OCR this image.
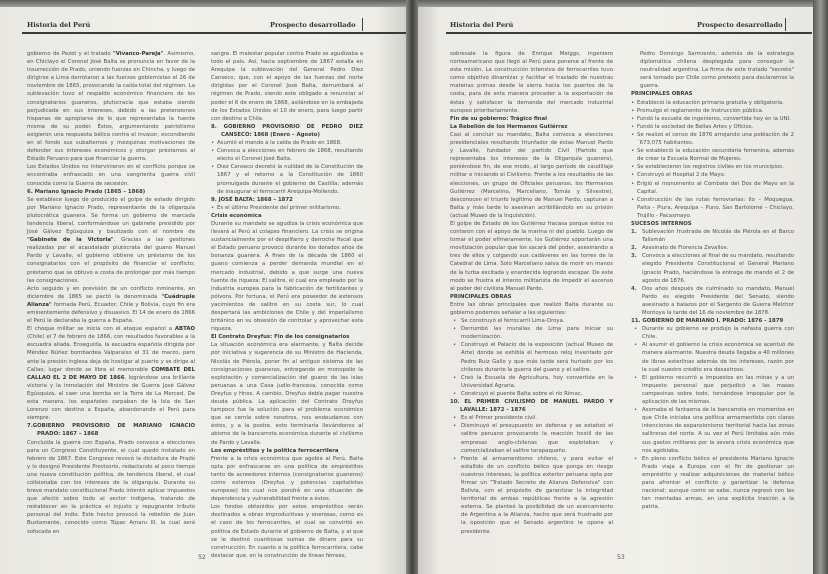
Historia del Perú	Prospecto desarrollado

gobierno de Pezet y el tratado "Vivanco-Pareja". Asimismo, en Chiclayo el Coronel José Balta se pronuncia en favor de la insurrección de Prado, uniendo fuerzas en Chincha, y luego de dirigirse a Lima derrotaron a las fuerzas gobiernistas el 26 de noviembre de 1865, provocando la caída total del régimen. La sublevación tuvo el respaldo económico financiero de los consignatarios guaneros, plutocracia que estaba siendo perjudicada en sus intereses, debido a las pretensiones hispanas de apropiarse de lo que representaba la fuente misma de su poder. Éstos, argumentando patriotismo exigieron una respuesta bélica contra el invasor, escondiendo en el fondo sus subalternos y mezquinas motivaciones de defender sus intereses económicos y otorgar préstamos al Estado Peruano para que financiar la guerra.

Los Estados Unidos no intervinieron en el conflicto porque se encontraba enfrascado en una sangrienta guerra civil conocida como la Guerra de secesión.

6. Mariano Ignacio Prado (1865 – 1868)

Se establece luego de producido el golpe de estado dirigido por Mariano Ignacio Prado, representante de la oligarquía plutocrática guanera. Se forma un gobierno de marcada tendencia liberal, conformándose un gabinete presidido por José Gálvez Egúsquiza y bautizado con el nombre de "Gabinete de la Victoria". Gracias a las gestiones realizadas por el acaudalado plutócrata del guano Manuel Pardo y Lavalle, el gobierno obtiene un préstamo de los consignatarios con el propósito de financiar el conflicto; préstamo que se obtuvo a costa de prolongar por más tiempo las consignaciones.

Acto seguido y en previsión de un conflicto inminente, en diciembre de 1865 se pactó la denominada "Cuádruple Alianza" formada Perú, Ecuador, Chile y Bolivia, cuyo fin era eminentemente defensivo y disuasivo. El 14 de enero de 1866 el Perú le declaraba la guerra a España.

El choque militar se inicia con el ataque español a ABTAO (Chile) el 7 de febrero de 1866, con resultados favorables a la escuadra aliada. Enseguida, la escuadra española dirigida por Méndez Núñez bombardea Valparaíso el 31 de marzo, pero ante la presión inglesa deja de hostigar al puerto y se dirige al Callao, lugar donde se libra el memorable COMBATE DEL CALLAO EL 2 DE MAYO DE 1866, lográndose una brillante victoria y la inmolación del Ministro de Guerra José Gálvez Egúsquiza, al caer una bomba en la Torre de La Merced. De esta manera, los españoles zarpaban de la Isla de San Lorenzo con destino a España, abandonando el Perú para siempre.

7.GOBIERNO PROVISORIO DE MARIANO IGNACIO PRADO: 1867 – 1868

Concluida la guerra con España, Prado convoca a elecciones para un Congreso Constituyente, el cual quedó instalado en febrero de 1867. Este Congreso revocó la dictadura de Prado y lo designó Presidente Provisorio, redactando al poco tiempo una nueva constitución política, de tendencia liberal, el cual colisionaba con los intereses de la oligarquía. Durante su breve mandato constitucional Prado intentó aplicar impuestos que afectó sobre todo al sector indígena, tratando de restablecer en la práctica el injusto y repugnante tributo personal del indio. Este hecho provocó la rebelión de Juan Bustamante, conocido como Túpac Amaru III, la cual será sofocada en

sangre. El malestar popular contra Prado se agudizaba a todo el país. Así, hacia septiembre de 1867 estalla en Arequipa la sublevación del General Pedro Diez Canseco, que, con el apoyo de las fuerzas del norte dirigidas por el Coronel José Balta, derrumbará al régimen de Prado, siendo este obligado a renunciar al poder el 6 de enero de 1868, asilándose en la embajada de los Estados Unidos el 10 de enero, para luego partir con destino a Chile.

8. GOBIERNO PROVISORIO DE PEDRO DIEZ CANSECO: 1868 (Enero – Agosto)
• Asumió el mando a la caída de Prado en 1868.
• Convoca a elecciones en febrero de 1868, resultando electo el Coronel José Balta.
• Diez Canseco decretó la nulidad de la Constitución de 1867 y el retorno a la Constitución de 1860 promulgada durante el gobierno de Castilla; además de inaugurar el ferrocarril Arequipa-Mollendo.
9. JOSÉ BALTA: 1868 – 1872
• Es el último Presidente del primer militarismo.
Crisis económica

Durante su mandato se agudiza la crisis económica que llevará al Perú al colapso financiero. La crisis se origina sustancialmente por el despilfarro y derroche fiscal que el Estado peruano provocó durante los dorados años de bonanza guanera. A fines de la década de 1860 el guano comienza a perder demanda mundial en el mercado industrial, debido a que surge una nueva fuente de riqueza: El salitre, el cual era empleado por la industria europea para la fabricación de fertilizantes y pólvora. Por fortuna, el Perú era poseedor de extensos yacimientos de salitre en su costa sur, lo cual despertará las ambiciones de Chile y del imperialismo británico en su obsesión de controlar y aprovechar esta riqueza.

El Contrato Dreyfus: Fin de los consignatarios

La situación económica era alarmante, y Balta decide por iniciativa y sugerencia de su Ministro de Hacienda, Nicolás de Piérola, poner fin al antiguo sistema de las consignaciones guaneras, entregando en monopolio la explotación y comercialización del guano de las islas peruanas a una Casa judío-francesa, conocida como Dreyfus y Hnos. A cambio, Dreyfus debía pagar nuestra deuda pública. La aplicación del Contrato Dreyfus tampoco fue la solución para el problema económico que se cernía sobre nosotros, nos endeudamos con éstos, y a la postre, esto terminaría llevándonos al abismo de la bancarrota económica durante el civilismo de Pardo y Lavalle.

Los empréstitos y la política ferrocarrilera

Frente a la crisis económica que agobia al Perú, Balta opta por enfrascarse en una política de empréstitos tanto de acreedores internos (consignatarios guaneros) como externos (Dreyfus y potencias capitalistas europeas) los cual nos pondrá en una situación de dependencia y vulnerabilidad frente a éstos.

Los fondos obtenidos por estos empréstitos serán destinados a obras improductivas y onerosas, como es el caso de los ferrocarriles, el cual se convirtió en política de Estado durante el gobierno de Balta, y al que se le destinó cuantiosas sumas de dinero para su construcción. En cuanto a la política ferrocarrilera, cabe destacar que, en la construcción de líneas férreas,

52
Historia del Perú	Prospecto desarrollado

sobresale la figura de Enrique Meiggs, ingeniero norteamericano que llegó al Perú para ponerse al frente de esta misión. La construcción intensiva de ferrocarriles tuvo como objetivo dinamizar y facilitar el traslado de nuestras materias primas desde la sierra hacia los puertos de la costa, para de esta manera proceder a la exportación de éstas y satisfacer la demanda del mercado industrial europeo prioritariamente.

Fin de su gobierno: Trágico final
La Rebelión de los Hermanos Gutiérrez

Casi al concluir su mandato, Balta convoca a elecciones presidenciales resultando triunfador de éstas Manuel Pardo y Lavalle, fundador del partido Civil (Partido que representaba los intereses de la Oligarquía guanera), poniéndose fin, de ese modo, al largo período de caudillaje militar e iniciando el Civilismo. Frente a los resultados de las elecciones, un grupo de Oficiales peruanos, los Hermanos Gutiérrez (Marcelino, Marceliano, Tomás y Silvestre), desconocen el triunfo legítimo de Manuel Pardo, capturan a Balta y más tarde lo asesinan acribillándolo en su prisión (actual Museo de la Inquisición).

El golpe de Estado de los Gutiérrez fracasa porque éstos no contaron con el apoyo de la marina ni del pueblo. Luego de tomar el poder efímeramente, los Gutiérrez soportarán una movilización popular que los sacará del poder, asesinando a tres de ellos y colgando sus cadáveres en las torres de la Catedral de Lima. Solo Marceliano salva de morir en manos de la turba excitada y enardecida logrando escapar. De este modo se frustra el intento militarista de impedir el ascenso al poder del civilista Manuel Pardo.

PRINCIPALES OBRAS

Entre las obras principales que realizó Balta durante su gobierno podemos señalar a las siguientes:

• Se construyó el ferrocarril Lima-Oroya.
• Derrumbó las murallas de Lima para iniciar su modernización.
• Construyó el Palacio de la exposición (actual Museo de Arte) donde se exhibía el hermoso reloj inventado por Pedro Ruiz Gallo y que más tarde será hurtado por los chilenos durante la guerra del guano y el salitre.
• Creó la Escuela de Agricultura, hoy convertida en la Universidad Agraria.
• Construyó el puente Balta sobre el río Rímac.
10. EL PRIMER CIVILISMO DE MANUEL PARDO Y LAVALLE: 1872 – 1876
• Es el Primer presidente civil.
• Disminuyó el presupuesto en defensa y se estatizó el salitre peruano provocando la reacción hostil de las empresas anglo-chilenas que explotaban y comercializaban el salitre tarapaqueño.
• Frente al armamentismo chileno, y para evitar el estallido de un conflicto bélico que ponga en riesgo nuestros intereses, la política exterior peruana opta por firmar un "Tratado Secreto de Alianza Defensiva" con Bolivia, con el propósito de garantizar la integridad territorial de ambas repúblicas frente a la agresión externa. Se planteó la posibilidad de un acercamiento de Argentina a la Alianza, hecho que será frustrado por la oposición que el Senado argentino le opone al presidente
Pedro Domingo Sarmiento, además de la estrategia diplomática chilena desplegada para conseguir la neutralidad argentina. La firma de este tratado "secreto" será tomado por Chile como pretexto para declararnos la guerra.
PRINCIPALES OBRAS
• Estableció la educación primaria gratuita y obligatoria.
• Promulgó el reglamento de Instrucción pública.
• Fundó la escuela de ingenieros, convertida hoy en la UNI.
• Fundó la sociedad de Bellas Artes y Oficios.
• Se realizó el censo de 1876 arrojando una población de 2´673,075 habitantes.
• Se estableció la educación secundaria femenina, además de crear la Escuela Normal de Mujeres.
• Se establecieron los registros civiles en los municipios.
• Construyó el Hospital 2 de Mayo.
• Erigió el monumento al Combate del Dos de Mayo en la Capital.
• Construcción de las rutas ferroviarias: Ilo – Moquegua, Paita – Piura, Arequipa – Puno, San Bartolomé – Chiclayo, Trujillo - Pacasmayo.
SUCESOS INTERNOS
1. Sublevación frustrada de Nicolás de Piérola en el Barco Talismán
2. Asesinato de Florencia Zevallos.
3. Convoca a elecciones al final de su mandato, resultando elegido Presidente Constitucional el General Mariano Ignacio Prado, haciéndose la entrega de mando el 2 de agosto de 1876.
4. Dos años después de culminado su mandato, Manuel Pardo es elegido Presidente del Senado, siendo asesinado a balazos por el Sargento de Guerra Melchor Montoya la tarde del 16 de noviembre de 1878.
11. GOBIERNO DE MARIANO I. PRADO: 1876 - 1879
• Durante su gobierno se produjo la nefasta guerra con Chile.
• Al asumir el gobierno la crisis económica se acentuó de manera alarmante. Nuestra deuda llegaba a 40 millones de libras esterlinas además de los intereses, razón por la cual nuestro crédito era desastroso.
• El gobierno recurrió a impuestos en las minas y a un impuesto personal que perjudicó a las masas campesinas sobre todo, tornándose impopular por la aplicación de las mismas.
• Asomaba el fantasma de la bancarrota en momentos en que Chile iniciaba una política armamentista con claras intenciones de expansionismo territorial hacia las zonas salitreras del norte. A su vez el Perú limitaba aún más sus gastos militares por la severa crisis económica que nos agobiaba.
• En pleno conflicto bélico el presidente Mariano Ignacio Prado viaja a Europa con el fin de gestionar un empréstito y realizar adquisiciones de material bélico para afrontar el conflicto y garantizar la defensa nacional; aunque como se sabe, nunca regresó con las tan mentadas armas, en una explícita traición a la patria.
53
